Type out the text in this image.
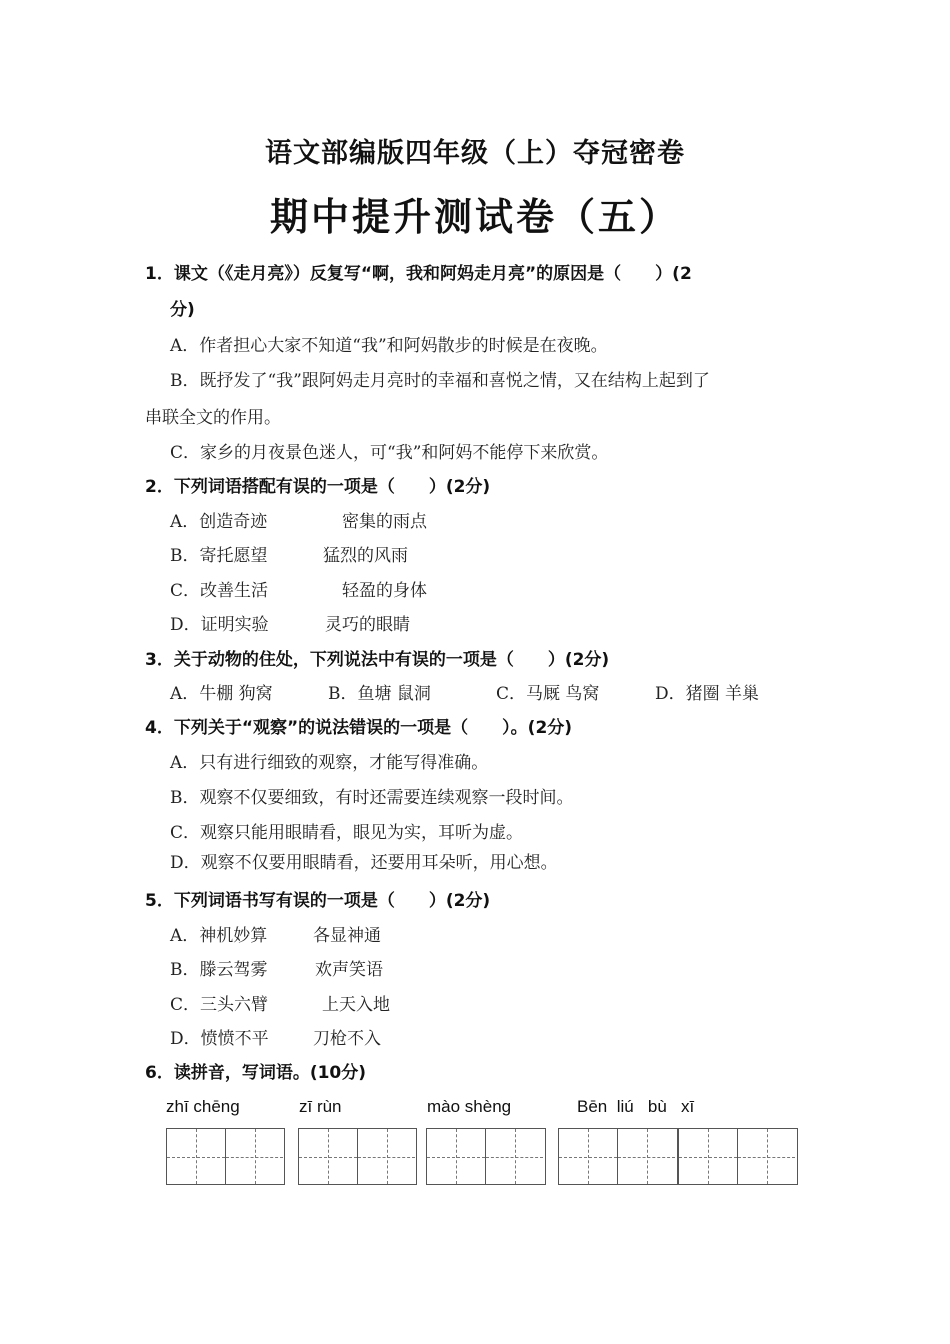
语文部编版四年级（上）夺冠密卷
期中提升测试卷（五）
1．课文（《走月亮》）反复写“啊，我和阿妈走月亮”的原因是（　　）(2
分)
A．作者担心大家不知道“我”和阿妈散步的时候是在夜晚。
B．既抒发了“我”跟阿妈走月亮时的幸福和喜悦之情，又在结构上起到了
串联全文的作用。
C．家乡的月夜景色迷人，可“我”和阿妈不能停下来欣赏。
2．下列词语搭配有误的一项是（　　）(2分)
A．创造奇迹	密集的雨点
B．寄托愿望	猛烈的风雨
C．改善生活	轻盈的身体
D．证明实验	灵巧的眼睛
3．关于动物的住处，下列说法中有误的一项是（　　）(2分)
A．牛棚 狗窝	B．鱼塘 鼠洞	C．马厩 鸟窝	D．猪圈 羊巢
4．下列关于“观察”的说法错误的一项是（　　）。(2分)
A．只有进行细致的观察，才能写得准确。
B．观察不仅要细致，有时还需要连续观察一段时间。
C．观察只能用眼睛看，眼见为实，耳听为虚。
D．观察不仅要用眼睛看，还要用耳朵听，用心想。
5．下列词语书写有误的一项是（　　）(2分)
A．神机妙算	各显神通
B．滕云驾雾	欢声笑语
C．三头六臂	上天入地
D．愤愤不平	刀枪不入
6．读拼音，写词语。(10分)
zhī chēng	zī rùn	mào shèng	Bēn  liú   bù   xī
